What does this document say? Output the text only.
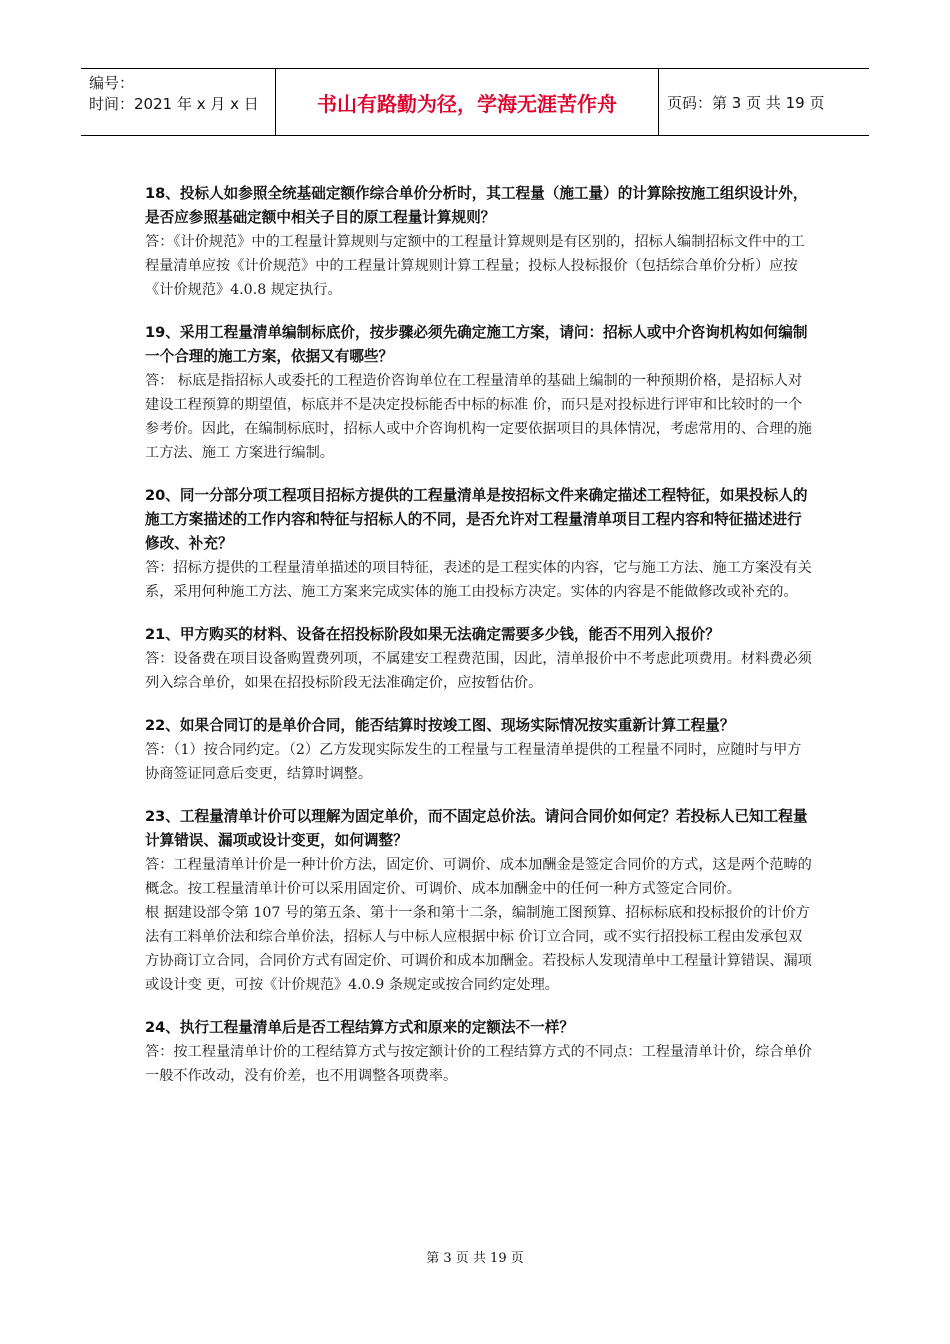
编号：
时间：2021 年 x 月 x 日	书山有路勤为径，学海无涯苦作舟	页码：第 3 页 共 19 页

18、投标人如参照全统基础定额作综合单价分析时，其工程量（施工量）的计算除按施工组织设计外，是否应参照基础定额中相关子目的原工程量计算规则？

答：《计价规范》中的工程量计算规则与定额中的工程量计算规则是有区别的，招标人编制招标文件中的工程量清单应按《计价规范》中的工程量计算规则计算工程量；投标人投标报价（包括综合单价分析）应按《计价规范》4.0.8 规定执行。

19、采用工程量清单编制标底价，按步骤必须先确定施工方案，请问：招标人或中介咨询机构如何编制一个合理的施工方案，依据又有哪些？

答： 标底是指招标人或委托的工程造价咨询单位在工程量清单的基础上编制的一种预期价格，是招标人对建设工程预算的期望值，标底并不是决定投标能否中标的标准 价，而只是对投标进行评审和比较时的一个参考价。因此，在编制标底时，招标人或中介咨询机构一定要依据项目的具体情况，考虑常用的、合理的施工方法、施工 方案进行编制。

20、同一分部分项工程项目招标方提供的工程量清单是按招标文件来确定描述工程特征，如果投标人的施工方案描述的工作内容和特征与招标人的不同，是否允许对工程量清单项目工程内容和特征描述进行修改、补充？

答：招标方提供的工程量清单描述的项目特征，表述的是工程实体的内容，它与施工方法、施工方案没有关系，采用何种施工方法、施工方案来完成实体的施工由投标方决定。实体的内容是不能做修改或补充的。

21、甲方购买的材料、设备在招投标阶段如果无法确定需要多少钱，能否不用列入报价？

答：设备费在项目设备购置费列项，不属建安工程费范围，因此，清单报价中不考虑此项费用。材料费必须列入综合单价，如果在招投标阶段无法准确定价，应按暂估价。

22、如果合同订的是单价合同，能否结算时按竣工图、现场实际情况按实重新计算工程量？

答：（1）按合同约定。（2）乙方发现实际发生的工程量与工程量清单提供的工程量不同时，应随时与甲方协商签证同意后变更，结算时调整。

23、工程量清单计价可以理解为固定单价，而不固定总价法。请问合同价如何定？若投标人已知工程量计算错误、漏项或设计变更，如何调整？

答：工程量清单计价是一种计价方法，固定价、可调价、成本加酬金是签定合同价的方式，这是两个范畴的概念。按工程量清单计价可以采用固定价、可调价、成本加酬金中的任何一种方式签定合同价。

根 据建设部令第 107 号的第五条、第十一条和第十二条，编制施工图预算、招标标底和投标报价的计价方法有工料单价法和综合单价法，招标人与中标人应根据中标 价订立合同，或不实行招投标工程由发承包双方协商订立合同，合同价方式有固定价、可调价和成本加酬金。若投标人发现清单中工程量计算错误、漏项或设计变 更，可按《计价规范》4.0.9 条规定或按合同约定处理。

24、执行工程量清单后是否工程结算方式和原来的定额法不一样？

答：按工程量清单计价的工程结算方式与按定额计价的工程结算方式的不同点：工程量清单计价，综合单价一般不作改动，没有价差，也不用调整各项费率。

第 3 页 共 19 页
